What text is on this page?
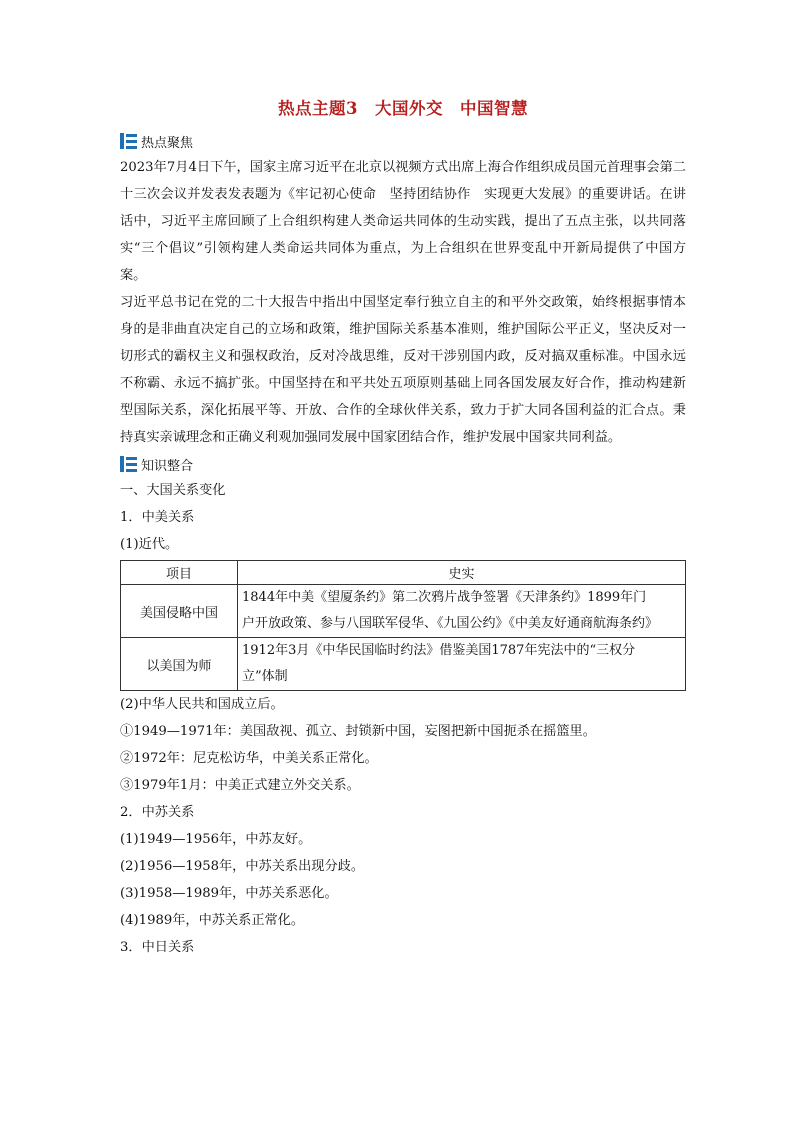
热点主题3　大国外交　中国智慧
热点聚焦

2023年7月4日下午，国家主席习近平在北京以视频方式出席上海合作组织成员国元首理事会第二十三次会议并发表发表题为《牢记初心使命　坚持团结协作　实现更大发展》的重要讲话。在讲话中，习近平主席回顾了上合组织构建人类命运共同体的生动实践，提出了五点主张，以共同落实“三个倡议”引领构建人类命运共同体为重点，为上合组织在世界变乱中开新局提供了中国方案。

习近平总书记在党的二十大报告中指出中国坚定奉行独立自主的和平外交政策，始终根据事情本身的是非曲直决定自己的立场和政策，维护国际关系基本准则，维护国际公平正义，坚决反对一切形式的霸权主义和强权政治，反对冷战思维，反对干涉别国内政，反对搞双重标准。中国永远不称霸、永远不搞扩张。中国坚持在和平共处五项原则基础上同各国发展友好合作，推动构建新型国际关系，深化拓展平等、开放、合作的全球伙伴关系，致力于扩大同各国利益的汇合点。秉持真实亲诚理念和正确义利观加强同发展中国家团结合作，维护发展中国家共同利益。

知识整合

一、大国关系变化

1．中美关系

(1)近代。

项目	史实
美国侵略中国	1844年中美《望厦条约》第二次鸦片战争签署《天津条约》1899年门
户开放政策、参与八国联军侵华、《九国公约》《中美友好通商航海条约》

以美国为师	1912年3月《中华民国临时约法》借鉴美国1787年宪法中的“三权分
立”体制

(2)中华人民共和国成立后。

①1949—1971年：美国敌视、孤立、封锁新中国，妄图把新中国扼杀在摇篮里。

②1972年：尼克松访华，中美关系正常化。

③1979年1月：中美正式建立外交关系。

2．中苏关系

(1)1949—1956年，中苏友好。

(2)1956—1958年，中苏关系出现分歧。

(3)1958—1989年，中苏关系恶化。

(4)1989年，中苏关系正常化。

3．中日关系
